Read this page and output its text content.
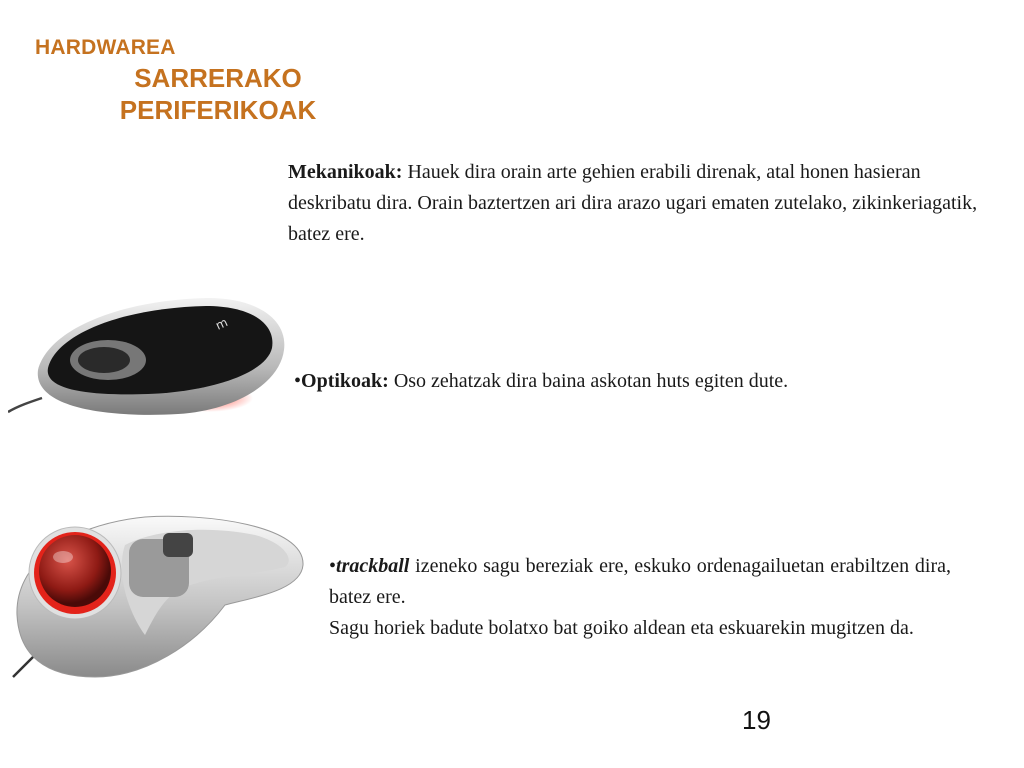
HARDWAREA
SARRERAKO
PERIFERIKOAK
Mekanikoak: Hauek dira orain arte gehien erabili direnak, atal honen hasieran deskribatu dira. Orain baztertzen ari dira arazo ugari ematen zutelako, zikinkeriagatik, batez ere.
m
•Optikoak: Oso zehatzak dira baina askotan huts egiten dute.
•trackball izeneko sagu bereziak ere, eskuko ordenagailuetan erabiltzen dira, batez ere.
Sagu horiek badute bolatxo bat goiko aldean eta eskuarekin mugitzen da.
19
